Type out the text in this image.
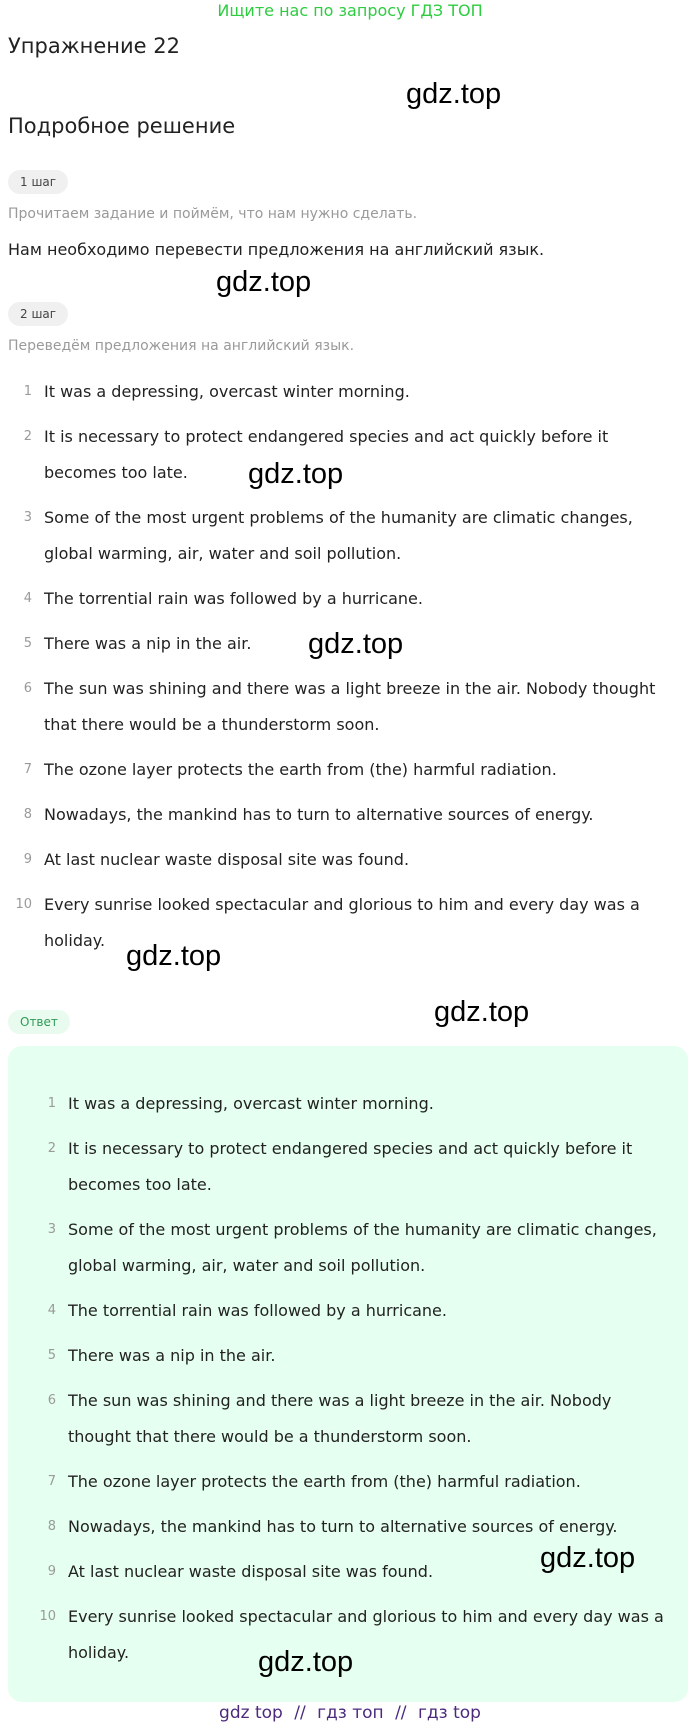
Ищите нас по запросу ГДЗ ТОП
Упражнение 22
gdz.top
Подробное решение
1 шаг
Прочитаем задание и поймём, что нам нужно сделать.
Нам необходимо перевести предложения на английский язык.
gdz.top
2 шаг
Переведём предложения на английский язык.
1 It was a depressing, overcast winter morning.
2 It is necessary to protect endangered species and act quickly before it becomes too late.
3 Some of the most urgent problems of the humanity are climatic changes, global warming, air, water and soil pollution.
4 The torrential rain was followed by a hurricane.
5 There was a nip in the air.
6 The sun was shining and there was a light breeze in the air. Nobody thought that there would be a thunderstorm soon.
7 The ozone layer protects the earth from (the) harmful radiation.
8 Nowadays, the mankind has to turn to alternative sources of energy.
9 At last nuclear waste disposal site was found.
10 Every sunrise looked spectacular and glorious to him and every day was a holiday.
gdz.top
gdz.top
gdz.top
Ответ	gdz.top
1 It was a depressing, overcast winter morning.
2 It is necessary to protect endangered species and act quickly before it becomes too late.
3 Some of the most urgent problems of the humanity are climatic changes, global warming, air, water and soil pollution.
4 The torrential rain was followed by a hurricane.
5 There was a nip in the air.
6 The sun was shining and there was a light breeze in the air. Nobody thought that there would be a thunderstorm soon.
7 The ozone layer protects the earth from (the) harmful radiation.
8 Nowadays, the mankind has to turn to alternative sources of energy.
9 At last nuclear waste disposal site was found.
10 Every sunrise looked spectacular and glorious to him and every day was a holiday.
gdz.top
gdz.top
gdz top // гдз топ // гдз top
